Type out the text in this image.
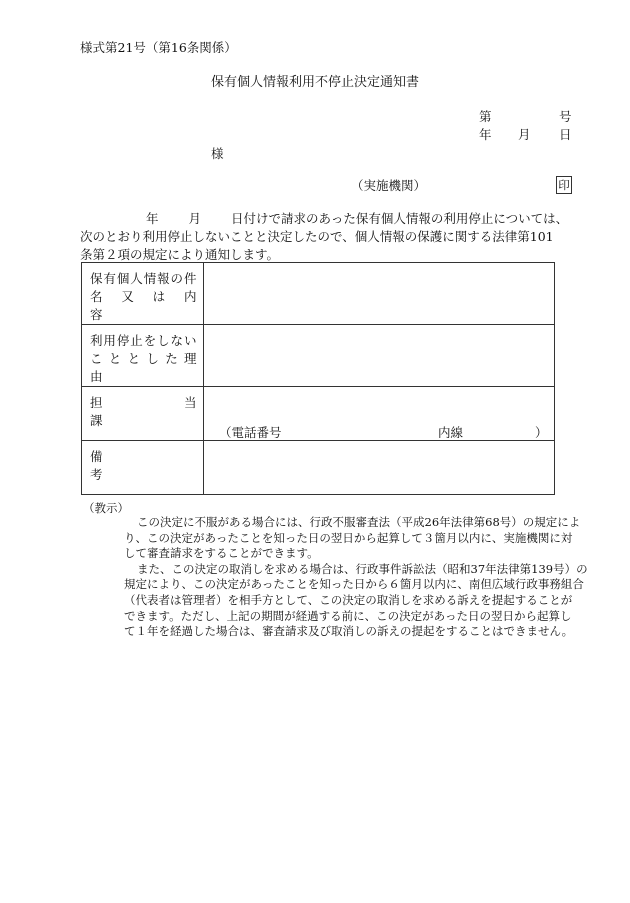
様式第21号（第16条関係）
保有個人情報利用不停止決定通知書
第	号
年 月 日
様
（実施機関）	印
年 月 日付けで請求のあった保有個人情報の利用停止については、
次のとおり利用停止しないことと決定したので、個人情報の保護に関する法律第101
条第２項の規定により通知します。
保有個人情報の件
名　又　は　内　容	

利用停止をしない
こ と と し た 理 由	

担　　　当　　　課	（電話番号 内線 ）

備　　　　　　　考	

（教示）
この決定に不服がある場合には、行政不服審査法（平成26年法律第68号）の規定によ
り、この決定があったことを知った日の翌日から起算して３箇月以内に、実施機関に対
して審査請求をすることができます。
また、この決定の取消しを求める場合は、行政事件訴訟法（昭和37年法律第139号）の
規定により、この決定があったことを知った日から６箇月以内に、南但広域行政事務組合
（代表者は管理者）を相手方として、この決定の取消しを求める訴えを提起することが
できます。ただし、上記の期間が経過する前に、この決定があった日の翌日から起算し
て１年を経過した場合は、審査請求及び取消しの訴えの提起をすることはできません。
